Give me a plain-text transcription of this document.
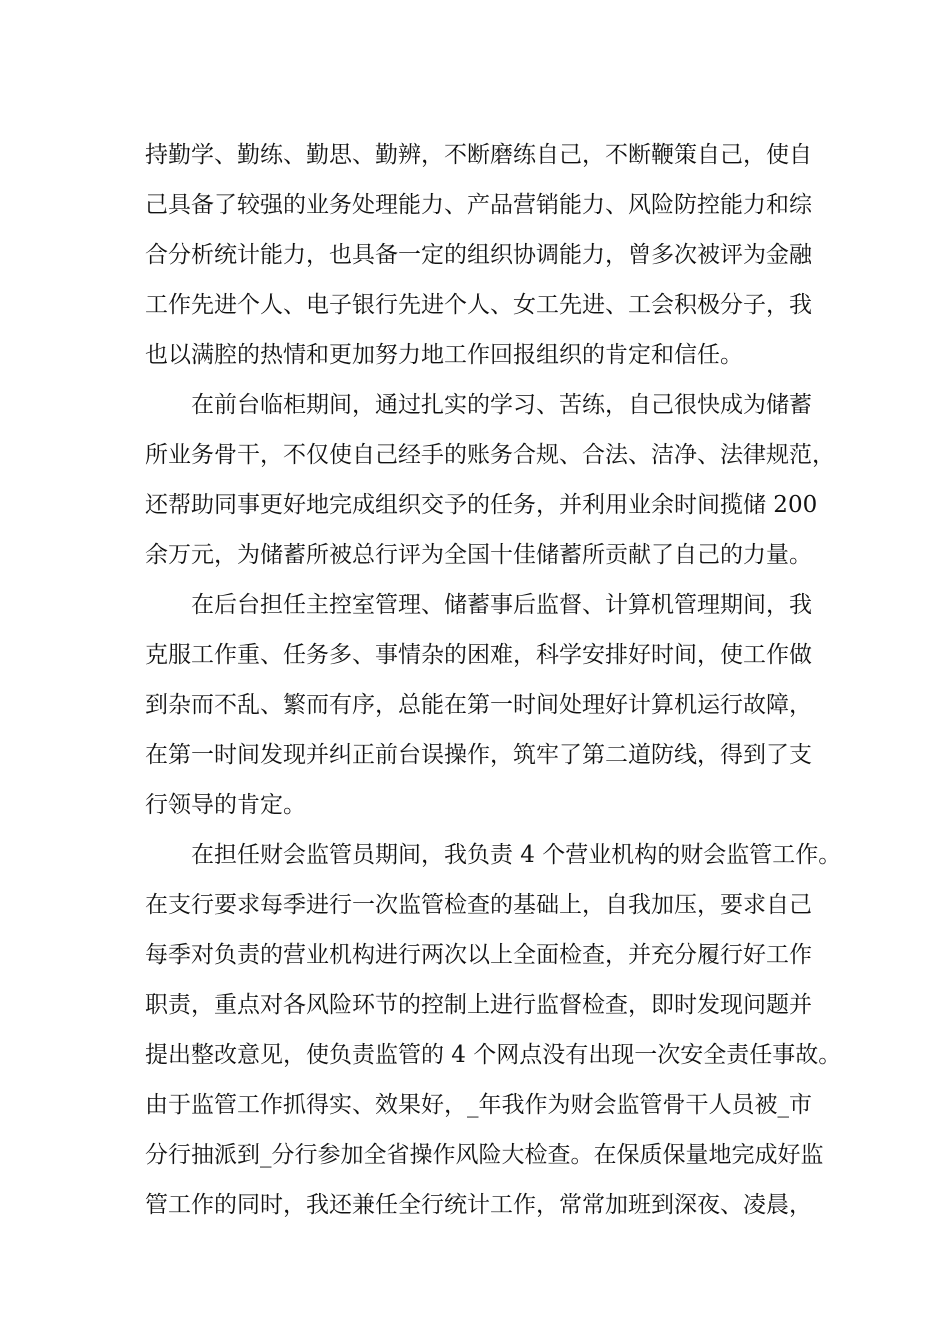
持勤学、勤练、勤思、勤辨，不断磨练自己，不断鞭策自己，使自
己具备了较强的业务处理能力、产品营销能力、风险防控能力和综
合分析统计能力，也具备一定的组织协调能力，曾多次被评为金融
工作先进个人、电子银行先进个人、女工先进、工会积极分子，我
也以满腔的热情和更加努力地工作回报组织的肯定和信任。
在前台临柜期间，通过扎实的学习、苦练，自己很快成为储蓄
所业务骨干，不仅使自己经手的账务合规、合法、洁净、法律规范，
还帮助同事更好地完成组织交予的任务，并利用业余时间揽储 200
余万元，为储蓄所被总行评为全国十佳储蓄所贡献了自己的力量。
在后台担任主控室管理、储蓄事后监督、计算机管理期间，我
克服工作重、任务多、事情杂的困难，科学安排好时间，使工作做
到杂而不乱、繁而有序，总能在第一时间处理好计算机运行故障，
在第一时间发现并纠正前台误操作，筑牢了第二道防线，得到了支
行领导的肯定。
在担任财会监管员期间，我负责 4 个营业机构的财会监管工作。
在支行要求每季进行一次监管检查的基础上，自我加压，要求自己
每季对负责的营业机构进行两次以上全面检查，并充分履行好工作
职责，重点对各风险环节的控制上进行监督检查，即时发现问题并
提出整改意见，使负责监管的 4 个网点没有出现一次安全责任事故。
由于监管工作抓得实、效果好，_年我作为财会监管骨干人员被_市
分行抽派到_分行参加全省操作风险大检查。在保质保量地完成好监
管工作的同时，我还兼任全行统计工作，常常加班到深夜、凌晨，
